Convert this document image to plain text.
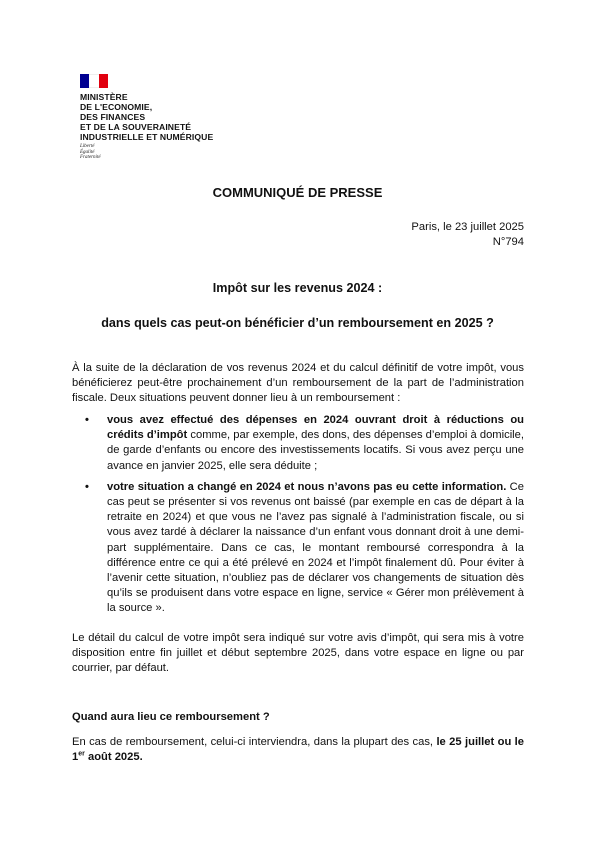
MINISTÈRE
DE L'ECONOMIE,
DES FINANCES
ET DE LA SOUVERAINETÉ
INDUSTRIELLE ET NUMÉRIQUE
Liberté
Égalité
Fraternité
COMMUNIQUÉ DE PRESSE
Paris, le 23 juillet 2025
N°794
Impôt sur les revenus 2024 :
dans quels cas peut-on bénéficier d’un remboursement en 2025 ?
À la suite de la déclaration de vos revenus 2024 et du calcul définitif de votre impôt, vous bénéficierez peut-être prochainement d’un remboursement de la part de l’administration fiscale. Deux situations peuvent donner lieu à un remboursement :
• vous avez effectué des dépenses en 2024 ouvrant droit à réductions ou crédits d’impôt comme, par exemple, des dons, des dépenses d’emploi à domicile, de garde d’enfants ou encore des investissements locatifs. Si vous avez perçu une avance en janvier 2025, elle sera déduite ;
• votre situation a changé en 2024 et nous n’avons pas eu cette information. Ce cas peut se présenter si vos revenus ont baissé (par exemple en cas de départ à la retraite en 2024) et que vous ne l’avez pas signalé à l’administration fiscale, ou si vous avez tardé à déclarer la naissance d’un enfant vous donnant droit à une demi-part supplémentaire. Dans ce cas, le montant remboursé correspondra à la différence entre ce qui a été prélevé en 2024 et l’impôt finalement dû. Pour éviter à l’avenir cette situation, n’oubliez pas de déclarer vos changements de situation dès qu’ils se produisent dans votre espace en ligne, service « Gérer mon prélèvement à la source ».
Le détail du calcul de votre impôt sera indiqué sur votre avis d’impôt, qui sera mis à votre disposition entre fin juillet et début septembre 2025, dans votre espace en ligne ou par courrier, par défaut.
Quand aura lieu ce remboursement ?
En cas de remboursement, celui-ci interviendra, dans la plupart des cas, le 25 juillet ou le 1er août 2025.
